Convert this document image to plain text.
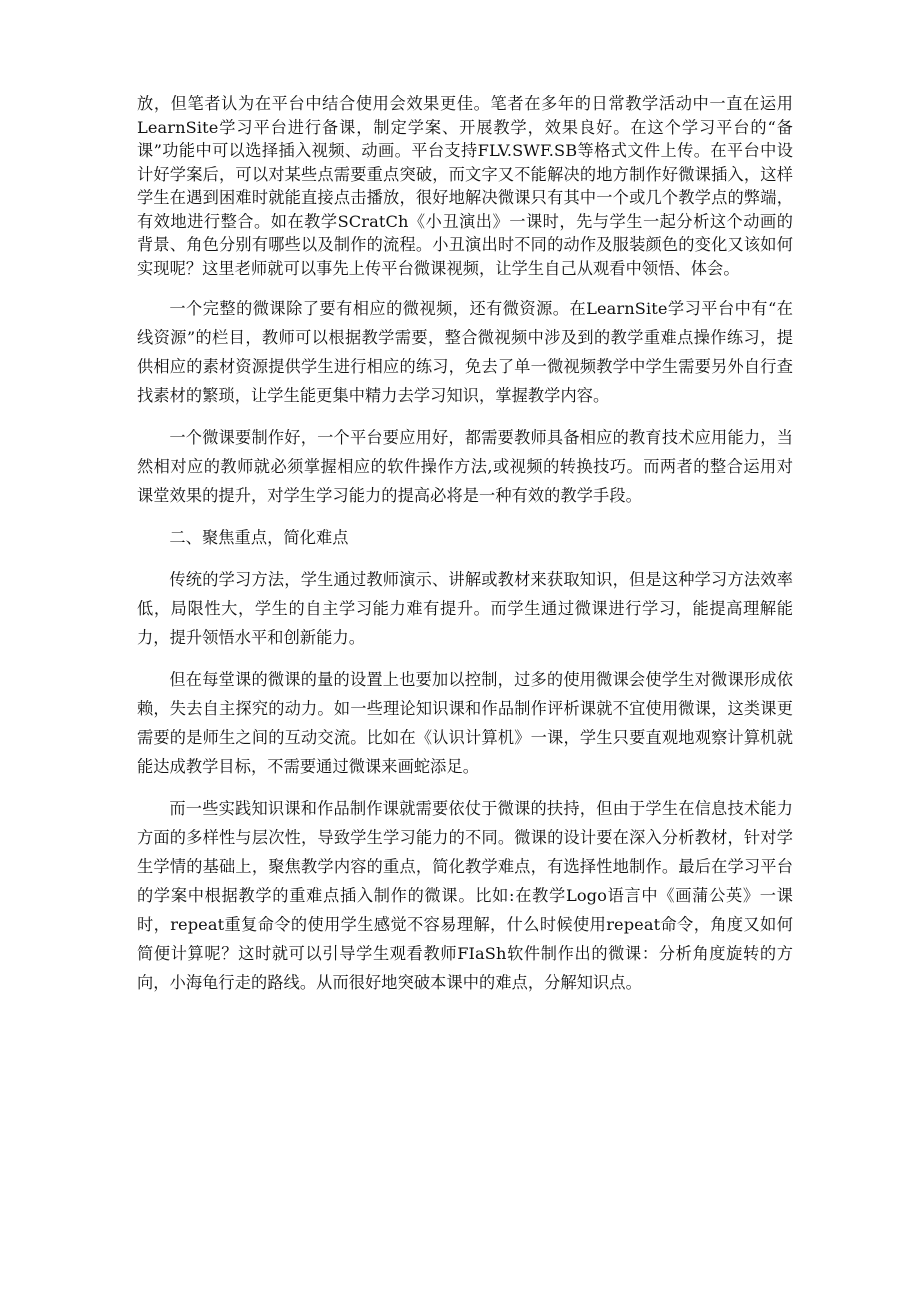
放，但笔者认为在平台中结合使用会效果更佳。笔者在多年的日常教学活动中一直在运用LearnSite学习平台进行备课，制定学案、开展教学，效果良好。在这个学习平台的“备课”功能中可以选择插入视频、动画。平台支持FLV.SWF.SB等格式文件上传。在平台中设计好学案后，可以对某些点需要重点突破，而文字又不能解决的地方制作好微课插入，这样学生在遇到困难时就能直接点击播放，很好地解决微课只有其中一个或几个教学点的弊端，有效地进行整合。如在教学SCratCh《小丑演出》一课时，先与学生一起分析这个动画的背景、角色分别有哪些以及制作的流程。小丑演出时不同的动作及服装颜色的变化又该如何实现呢？这里老师就可以事先上传平台微课视频，让学生自己从观看中领悟、体会。

一个完整的微课除了要有相应的微视频，还有微资源。在LearnSite学习平台中有“在线资源”的栏目，教师可以根据教学需要，整合微视频中涉及到的教学重难点操作练习，提供相应的素材资源提供学生进行相应的练习，免去了单一微视频教学中学生需要另外自行查找素材的繁琐，让学生能更集中精力去学习知识，掌握教学内容。

一个微课要制作好，一个平台要应用好，都需要教师具备相应的教育技术应用能力，当然相对应的教师就必须掌握相应的软件操作方法,或视频的转换技巧。而两者的整合运用对课堂效果的提升，对学生学习能力的提高必将是一种有效的教学手段。

二、聚焦重点，简化难点

传统的学习方法，学生通过教师演示、讲解或教材来获取知识，但是这种学习方法效率低，局限性大，学生的自主学习能力难有提升。而学生通过微课进行学习，能提高理解能力，提升领悟水平和创新能力。

但在每堂课的微课的量的设置上也要加以控制，过多的使用微课会使学生对微课形成依赖，失去自主探究的动力。如一些理论知识课和作品制作评析课就不宜使用微课，这类课更需要的是师生之间的互动交流。比如在《认识计算机》一课，学生只要直观地观察计算机就能达成教学目标，不需要通过微课来画蛇添足。

而一些实践知识课和作品制作课就需要依仗于微课的扶持，但由于学生在信息技术能力方面的多样性与层次性，导致学生学习能力的不同。微课的设计要在深入分析教材，针对学生学情的基础上，聚焦教学内容的重点，简化教学难点，有选择性地制作。最后在学习平台的学案中根据教学的重难点插入制作的微课。比如:在教学Logo语言中《画蒲公英》一课时，repeat重复命令的使用学生感觉不容易理解，什么时候使用repeat命令，角度又如何简便计算呢？这时就可以引导学生观看教师FIaSh软件制作出的微课：分析角度旋转的方向，小海龟行走的路线。从而很好地突破本课中的难点，分解知识点。
